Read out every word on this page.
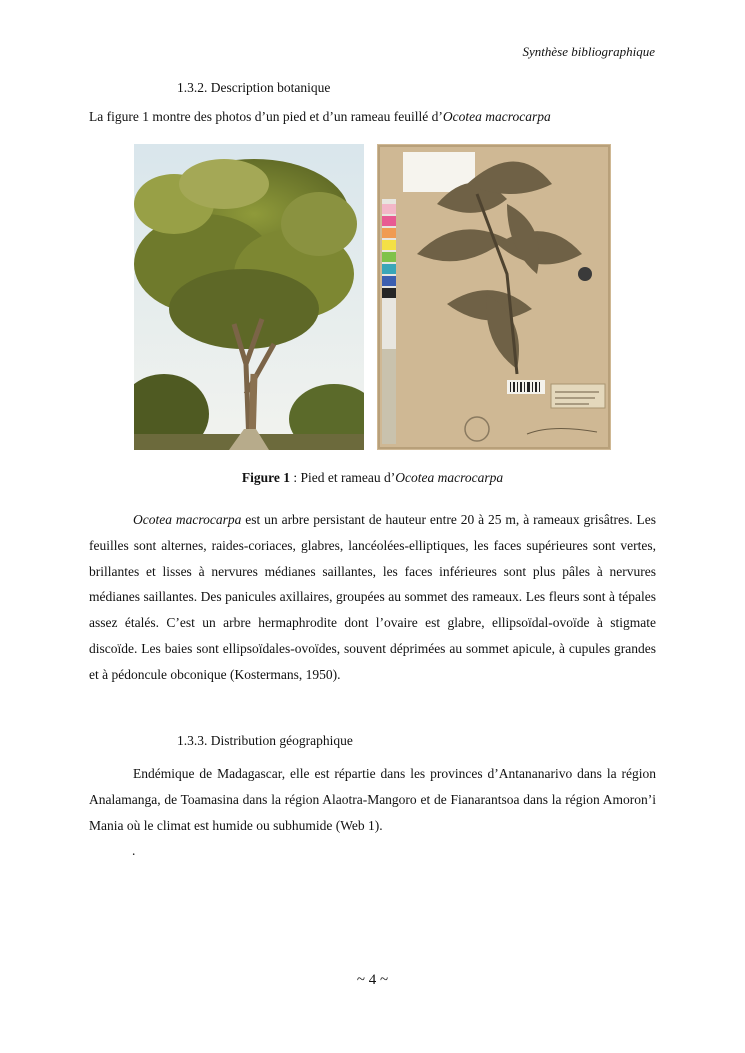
Synthèse bibliographique
1.3.2. Description botanique
La figure 1 montre des photos d’un pied et d’un rameau feuillé d’Ocotea macrocarpa
Figure 1 : Pied et rameau d’Ocotea macrocarpa

Ocotea macrocarpa est un arbre persistant de hauteur entre 20 à 25 m, à rameaux grisâtres. Les feuilles sont alternes, raides-coriaces, glabres, lancéolées-elliptiques, les faces supérieures sont vertes, brillantes et lisses à nervures médianes saillantes, les faces inférieures sont plus pâles à nervures médianes saillantes. Des panicules axillaires, groupées au sommet des rameaux. Les fleurs sont à tépales assez étalés. C’est un arbre hermaphrodite dont l’ovaire est glabre, ellipsoïdal-ovoïde à stigmate discoïde. Les baies sont ellipsoïdales-ovoïdes, souvent déprimées au sommet apicule, à cupules grandes et à pédoncule obconique (Kostermans, 1950).

1.3.3. Distribution géographique

Endémique de Madagascar, elle est répartie dans les provinces d’Antananarivo dans la région Analamanga, de Toamasina dans la région Alaotra-Mangoro et de Fianarantsoa dans la région Amoron’i Mania où le climat est humide ou subhumide (Web 1).

.
~ 4 ~
